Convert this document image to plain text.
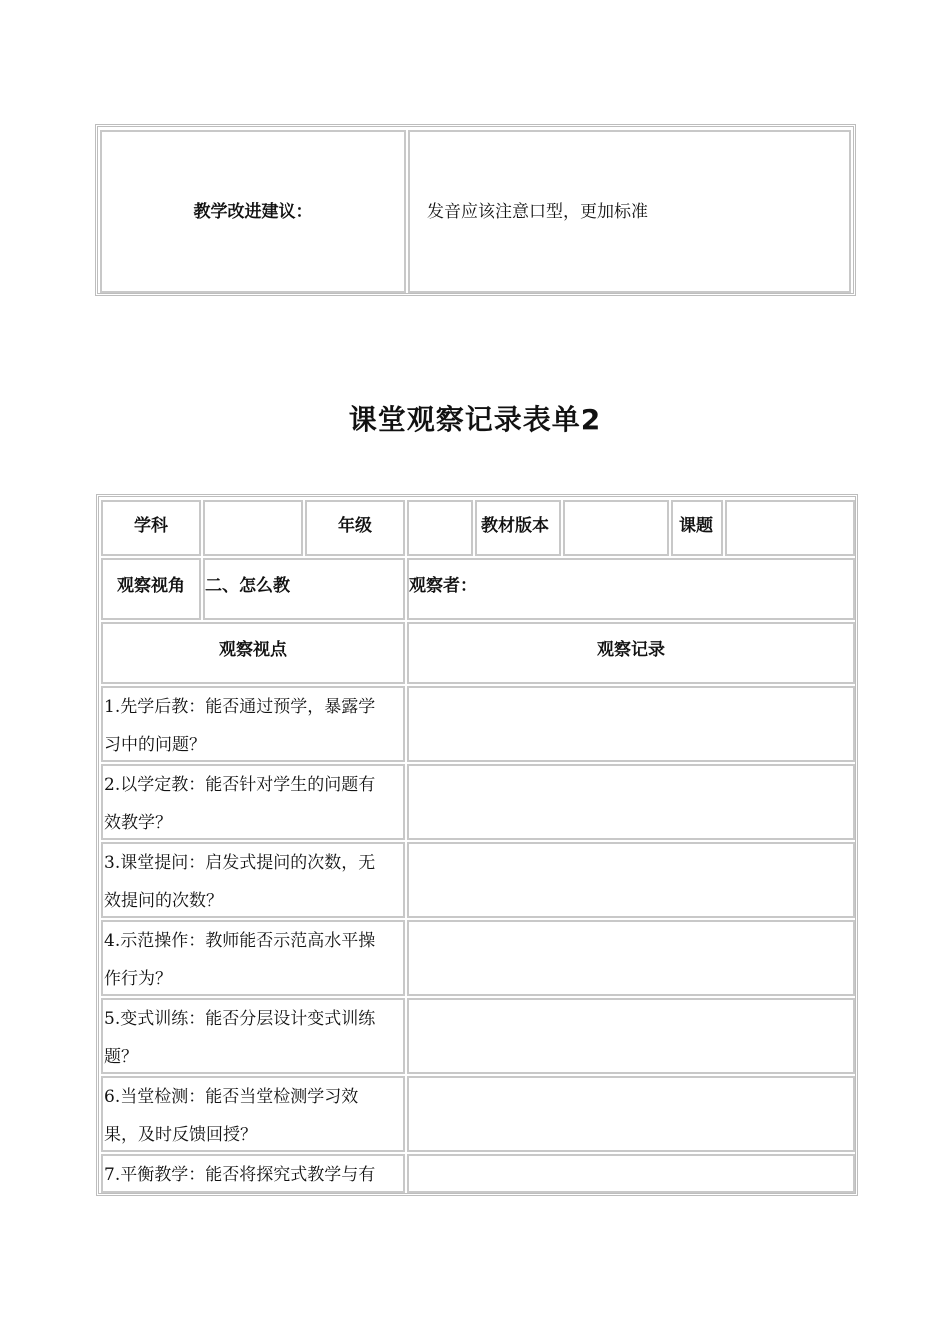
教学改进建议：	发音应该注意口型，更加标准
课堂观察记录表单2
学科	年级	教材版本	课题
观察视角	二、怎么教	观察者：
观察视点	观察记录
1.先学后教：能否通过预学，暴露学
习中的问题？
2.以学定教：能否针对学生的问题有
效教学？
3.课堂提问：启发式提问的次数，无
效提问的次数？
4.示范操作：教师能否示范高水平操
作行为？
5.变式训练：能否分层设计变式训练
题？
6.当堂检测：能否当堂检测学习效
果，及时反馈回授？
7.平衡教学：能否将探究式教学与有
